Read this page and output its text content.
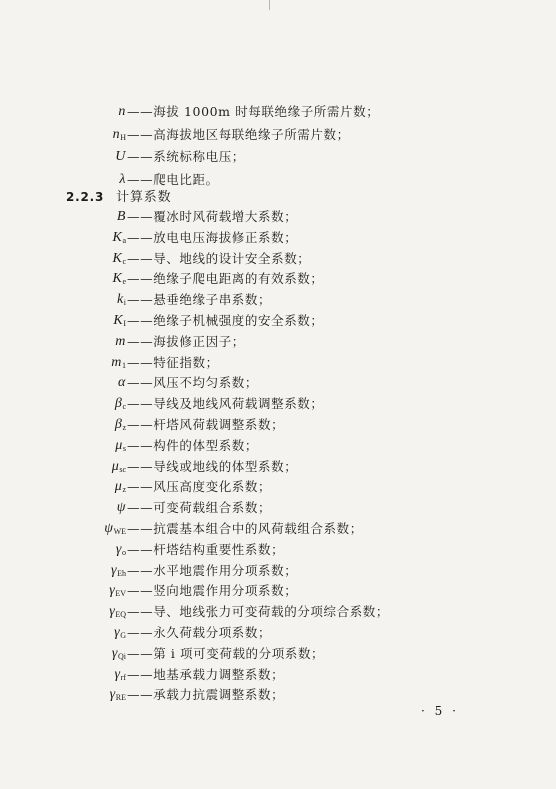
n ——海拔 1000m 时每联绝缘子所需片数；
$n_H$ ——高海拔地区每联绝缘子所需片数；
U ——系统标称电压；
λ ——爬电比距。
2.2.3 计算系数
B ——覆冰时风荷载增大系数；
$K_a$ ——放电电压海拔修正系数；
$K_c$ ——导、地线的设计安全系数；
$K_e$ ——绝缘子爬电距离的有效系数；
$k_i$ ——悬垂绝缘子串系数；
$K_I$ ——绝缘子机械强度的安全系数；
m ——海拔修正因子；
$m_1$ ——特征指数；
α ——风压不均匀系数；
$\beta_c$ ——导线及地线风荷载调整系数；
$\beta_z$ ——杆塔风荷载调整系数；
$\mu_s$ ——构件的体型系数；
$\mu_{sc}$ ——导线或地线的体型系数；
$\mu_z$ ——风压高度变化系数；
ψ ——可变荷载组合系数；
$\psi_{WE}$ ——抗震基本组合中的风荷载组合系数；
$\gamma_o$ ——杆塔结构重要性系数；
$\gamma_{Eh}$ ——水平地震作用分项系数；
$\gamma_{EV}$ ——竖向地震作用分项系数；
$\gamma_{EQ}$ ——导、地线张力可变荷载的分项综合系数；
$\gamma_G$ ——永久荷载分项系数；
$\gamma_{Qi}$ ——第 i 项可变荷载的分项系数；
$\gamma_{rf}$ ——地基承载力调整系数；
$\gamma_{RE}$ ——承载力抗震调整系数；
· 5 ·
